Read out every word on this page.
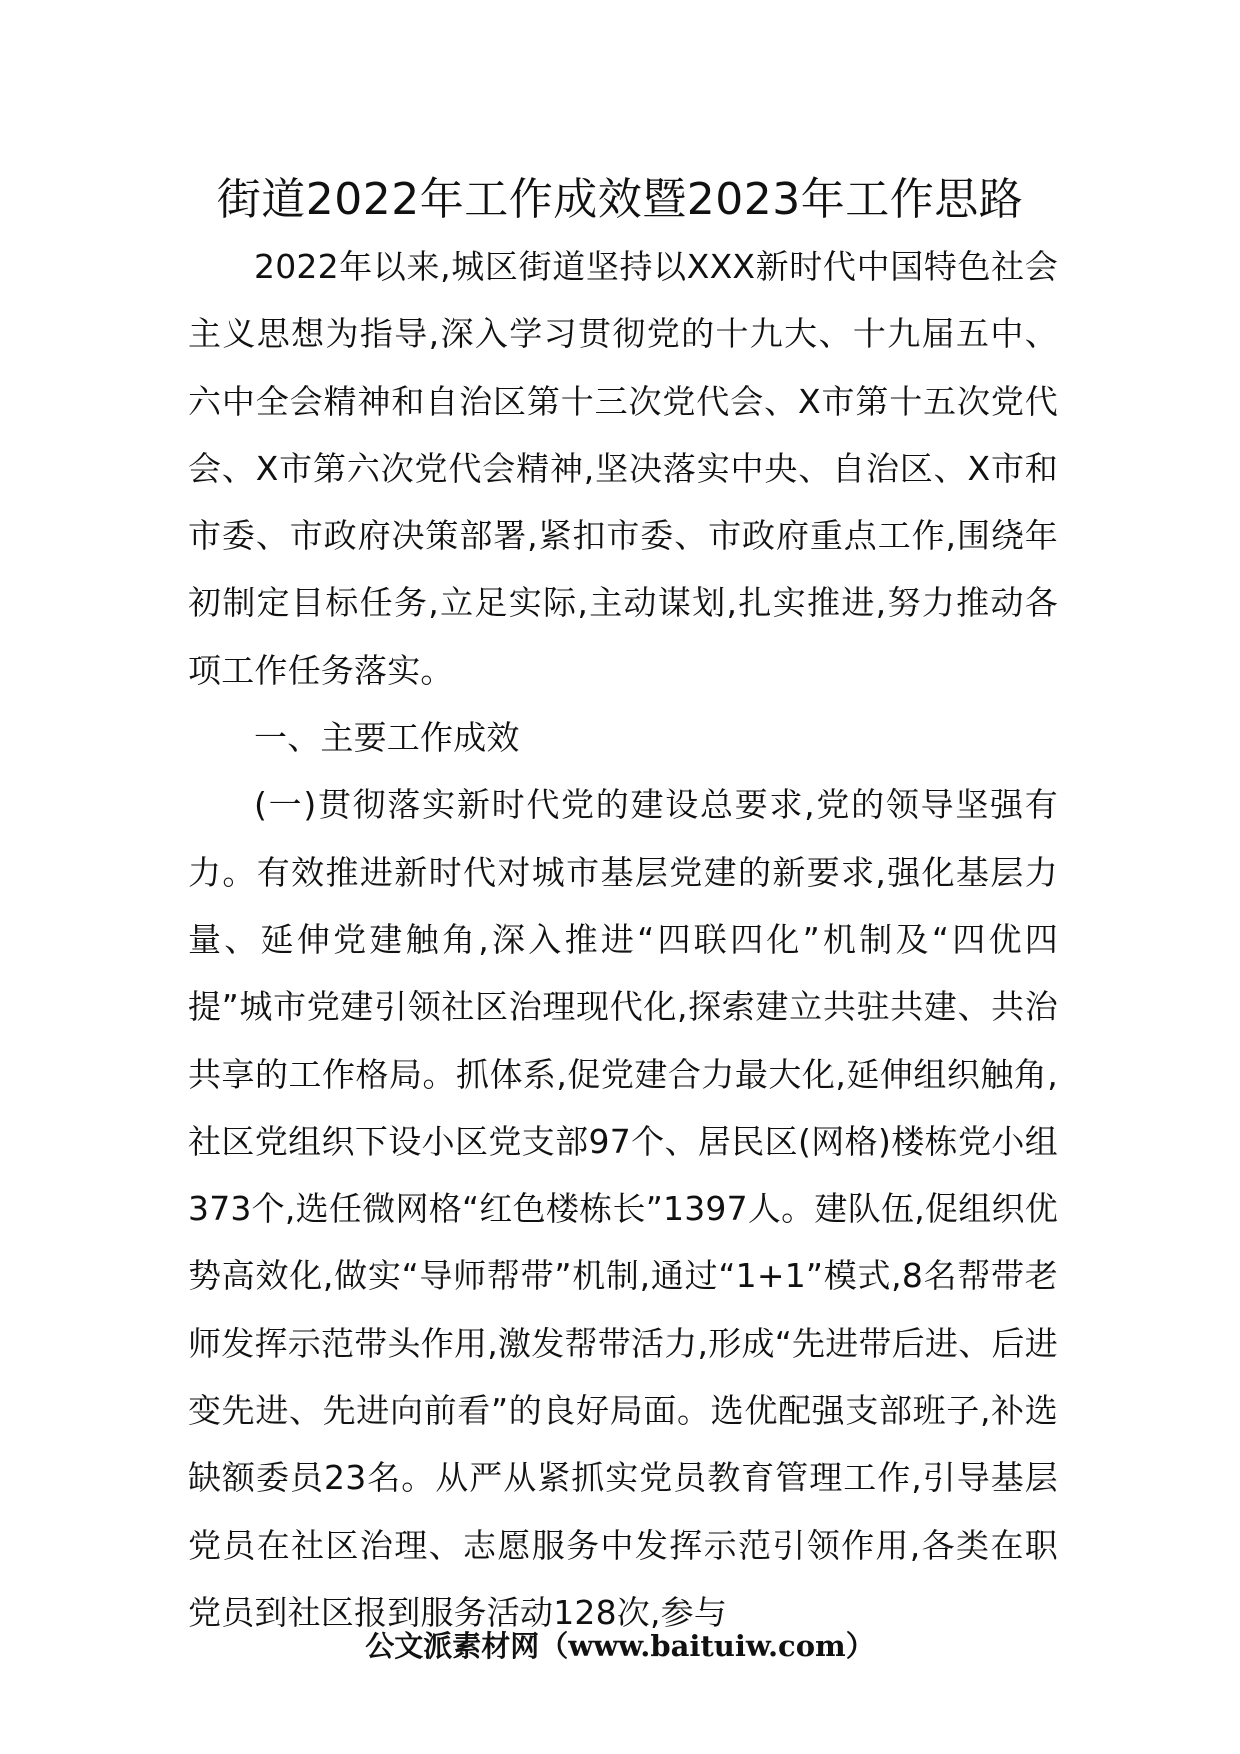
街道2022年工作成效暨2023年工作思路

2022年以来,城区街道坚持以XXX新时代中国特色社会主义思想为指导,深入学习贯彻党的十九大、十九届五中、六中全会精神和自治区第十三次党代会、X市第十五次党代会、X市第六次党代会精神,坚决落实中央、自治区、X市和市委、市政府决策部署,紧扣市委、市政府重点工作,围绕年初制定目标任务,立足实际,主动谋划,扎实推进,努力推动各项工作任务落实。

一、主要工作成效

(一)贯彻落实新时代党的建设总要求,党的领导坚强有力。有效推进新时代对城市基层党建的新要求,强化基层力量、延伸党建触角,深入推进“四联四化”机制及“四优四提”城市党建引领社区治理现代化,探索建立共驻共建、共治共享的工作格局。抓体系,促党建合力最大化,延伸组织触角,社区党组织下设小区党支部97个、居民区(网格)楼栋党小组373个,选任微网格“红色楼栋长”1397人。建队伍,促组织优势高效化,做实“导师帮带”机制,通过“1+1”模式,8名帮带老师发挥示范带头作用,激发帮带活力,形成“先进带后进、后进变先进、先进向前看”的良好局面。选优配强支部班子,补选缺额委员23名。从严从紧抓实党员教育管理工作,引导基层党员在社区治理、志愿服务中发挥示范引领作用,各类在职党员到社区报到服务活动128次,参与

公文派素材网（www.baituiw.com）
